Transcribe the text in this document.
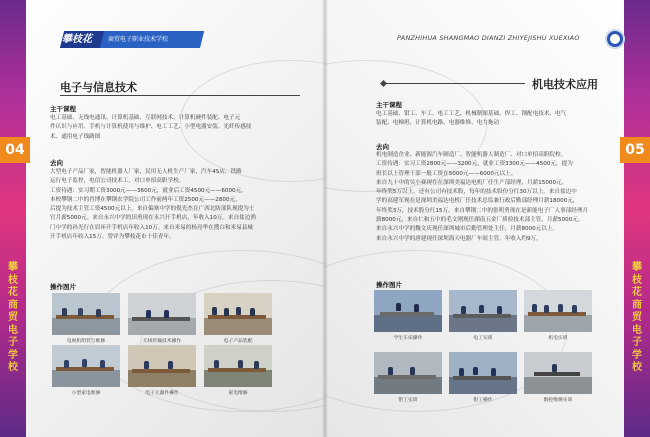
04
攀
枝
花
商
贸
电
子
学
校
攀枝花	商贸电子职业技术学校
电子与信息技术
主干课程
电工基础、无线电通讯、计算机基础、互联网技术、计算机硬件装配、电子元
件认识与应用、手机与计算机使用与维护、电工工艺、小型电器安装、光纤传感技
术、通用电子线路图
去向
大型电子产品厂家，智能机器人厂家，民用无人机生产厂家，汽车4S店，铁路
运行电子监控，电信公司技术工，对口单招高职学校。
工资待遇：实习期工资3000元——3600元，就业后工资4500元——6000元。
本校攀钢二中的肖博在攀钢农学院公司工作前两年工资2500元——2800元，
后提为技术主管工资4500元以上。来自偏寨中学的倪光杰在广西北防部队现提为士
官月薪5000元。来自永兴中学的田勇现在永兴开手机店，年收入10万。来自盐边渔
门中学的孙光行在眉环开手机店年收入10万。来自米易的杨亮华在搜白和米易县城
开手机店年收入15万。曾评为攀枝花市十佳青年。
操作图片
电视机组装与维修	无线传输技术操作	电子产品装配
小型家电维修	电子元器件操作	家电维修
05
攀
枝
花
商
贸
电
子
学
校
PANZHIHUA SHANGMAO DIANZI ZHIYEJISHU XUEXIAO
机电技术应用
主干课程
电工基础、钳工、车工、电工工艺、机械制图基础、焊工、钢配电技术、电气
装配、电梯班、计算机电路、电器维修、电力拖动
去向
机电制造企业、新能源汽车制造厂、智能机器人制造厂、对口单招高职院校。
工资待遇：实习工资2800元——3200元，就业工资3300元——4500元，提为
班长以上管理干部一般工资在5000元——6000元以上。
来自九十中的吴小赛现在在深圳美福达电机厂任生产部经理，月薪15000元。
年终奖5万以上，还有公司有技术股，每年的技术股份分红30万以上。来自盐边中
学的高建军现在是深圳美福达电机厂任技术总监兼行政后勤部经理月薪18000元，
年终奖3万，技术股分红15万。来自攀钢二中的张明勇现在是新能电子厂人事部经理月
薪8000元，来自仁和五中的毛文刚现任湖南五金厂质检技术部主管，月薪5000元。
来自永兴中学的魏文庆现任深圳城市后勤管理处主任，月薪8000元以上。
来自永兴中学的唐建现任深圳海天电器厂车间主管，年收入约9万。
操作图片
学生车床操作	电工实训	机电实训
钳工实训	钳工操作	数控维修实训
